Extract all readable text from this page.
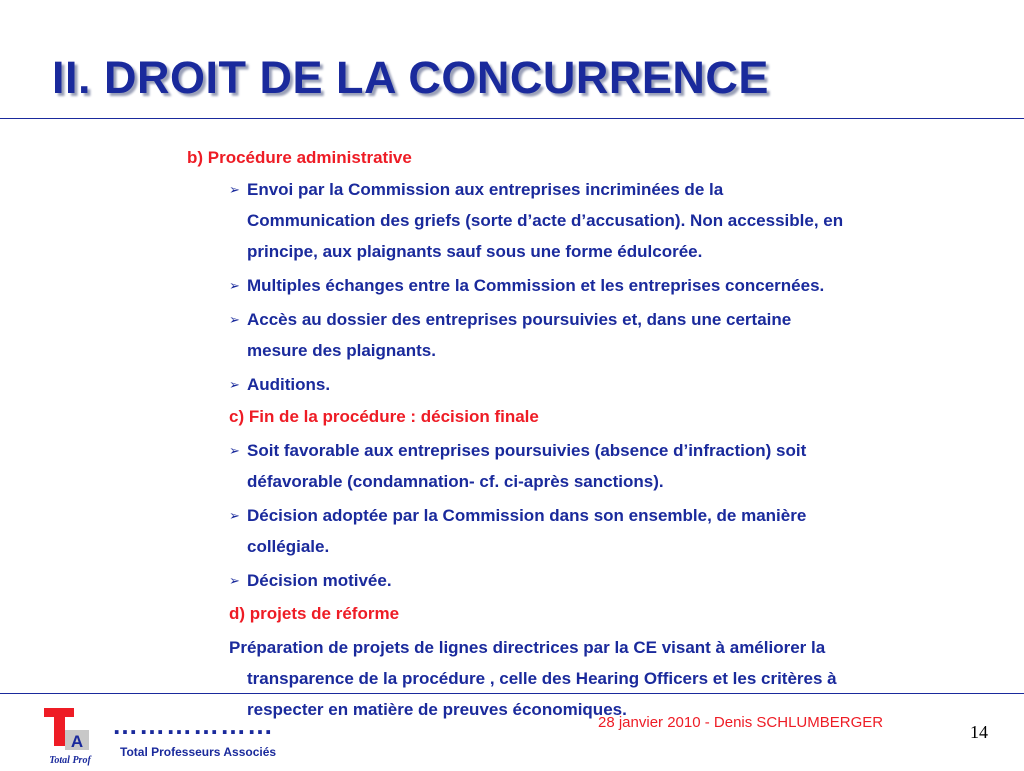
II. DROIT DE LA CONCURRENCE
b) Procédure administrative
➢ Envoi par la Commission aux entreprises incriminées de la
Communication des griefs (sorte d’acte d’accusation). Non accessible, en
principe, aux plaignants sauf sous une forme édulcorée.
➢ Multiples échanges entre la Commission et les entreprises concernées.
➢ Accès au dossier des entreprises poursuivies et, dans une certaine
mesure des plaignants.
➢ Auditions.
c) Fin de la procédure : décision finale
➢ Soit favorable aux entreprises poursuivies (absence d’infraction) soit
défavorable (condamnation- cf. ci-après sanctions).
➢ Décision adoptée par la Commission dans son ensemble, de manière
collégiale.
➢ Décision motivée.
d) projets de réforme
Préparation de projets de lignes directrices par la CE visant à améliorer la
transparence de la procédure , celle des Hearing Officers et les critères à
respecter en matière de preuves économiques.
A
Total Prof
………………
Total Professeurs Associés
28 janvier 2010 - Denis SCHLUMBERGER	14
